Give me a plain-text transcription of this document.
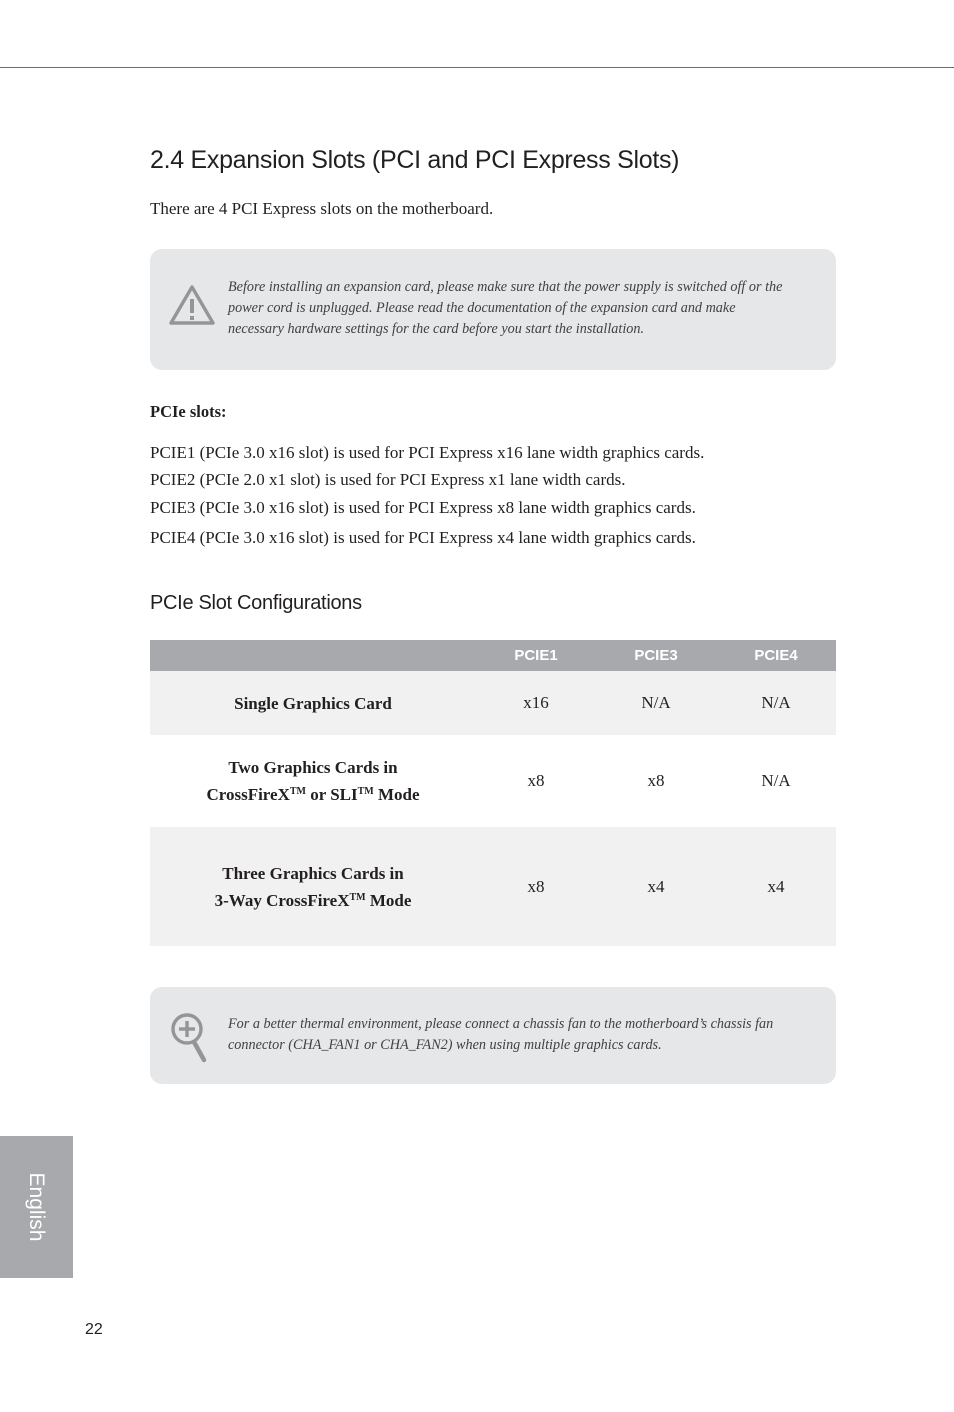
2.4 Expansion Slots (PCI and PCI Express Slots)
There are 4 PCI Express slots on the motherboard.
Before installing an expansion card, please make sure that the power supply is switched off or the power cord is unplugged. Please read the documentation of the expansion card and make necessary hardware settings for the card before you start the installation.
PCIe slots:
PCIE1 (PCIe 3.0 x16 slot) is used for PCI Express x16 lane width graphics cards.
PCIE2 (PCIe 2.0 x1 slot) is used for PCI Express x1 lane width cards.
PCIE3 (PCIe 3.0 x16 slot) is used for PCI Express x8 lane width graphics cards.
PCIE4 (PCIe 3.0 x16 slot) is used for PCI Express x4 lane width graphics cards.
PCIe Slot Configurations
PCIE1	PCIE3	PCIE4
Single Graphics Card	x16	N/A	N/A
Two Graphics Cards in
CrossFireX™ or SLI™ Mode
x8	x8	N/A
Three Graphics Cards in
3-Way CrossFireX™ Mode
x8	x4	x4
For a better thermal environment, please connect a chassis fan to the motherboard’s chassis fan connector (CHA_FAN1 or CHA_FAN2) when using multiple graphics cards.
English
22
